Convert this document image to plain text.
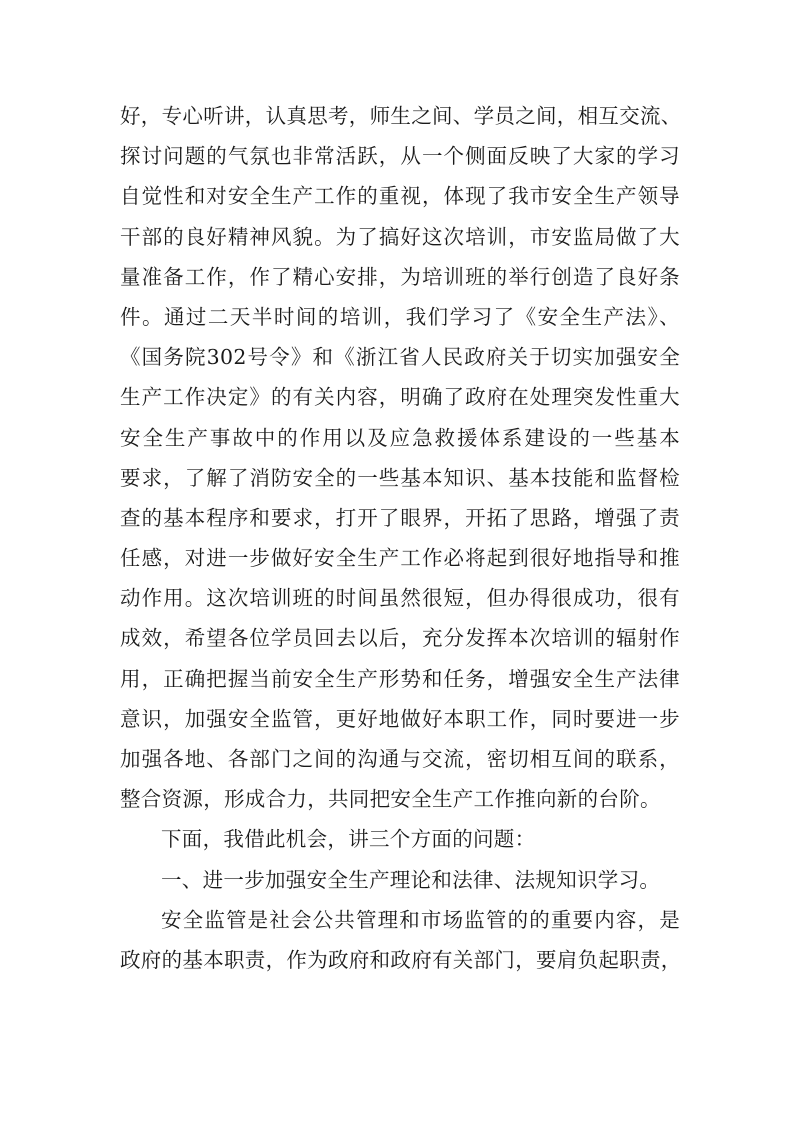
好，专心听讲，认真思考，师生之间、学员之间，相互交流、
探讨问题的气氛也非常活跃，从一个侧面反映了大家的学习
自觉性和对安全生产工作的重视，体现了我市安全生产领导
干部的良好精神风貌。为了搞好这次培训，市安监局做了大
量准备工作，作了精心安排，为培训班的举行创造了良好条
件。通过二天半时间的培训，我们学习了《安全生产法》、
《国务院302号令》和《浙江省人民政府关于切实加强安全
生产工作决定》的有关内容，明确了政府在处理突发性重大
安全生产事故中的作用以及应急救援体系建设的一些基本
要求，了解了消防安全的一些基本知识、基本技能和监督检
查的基本程序和要求，打开了眼界，开拓了思路，增强了责
任感，对进一步做好安全生产工作必将起到很好地指导和推
动作用。这次培训班的时间虽然很短，但办得很成功，很有
成效，希望各位学员回去以后，充分发挥本次培训的辐射作
用，正确把握当前安全生产形势和任务，增强安全生产法律
意识，加强安全监管，更好地做好本职工作，同时要进一步
加强各地、各部门之间的沟通与交流，密切相互间的联系，
整合资源，形成合力，共同把安全生产工作推向新的台阶。
下面，我借此机会，讲三个方面的问题：
一、进一步加强安全生产理论和法律、法规知识学习。
安全监管是社会公共管理和市场监管的的重要内容，是
政府的基本职责，作为政府和政府有关部门，要肩负起职责，
